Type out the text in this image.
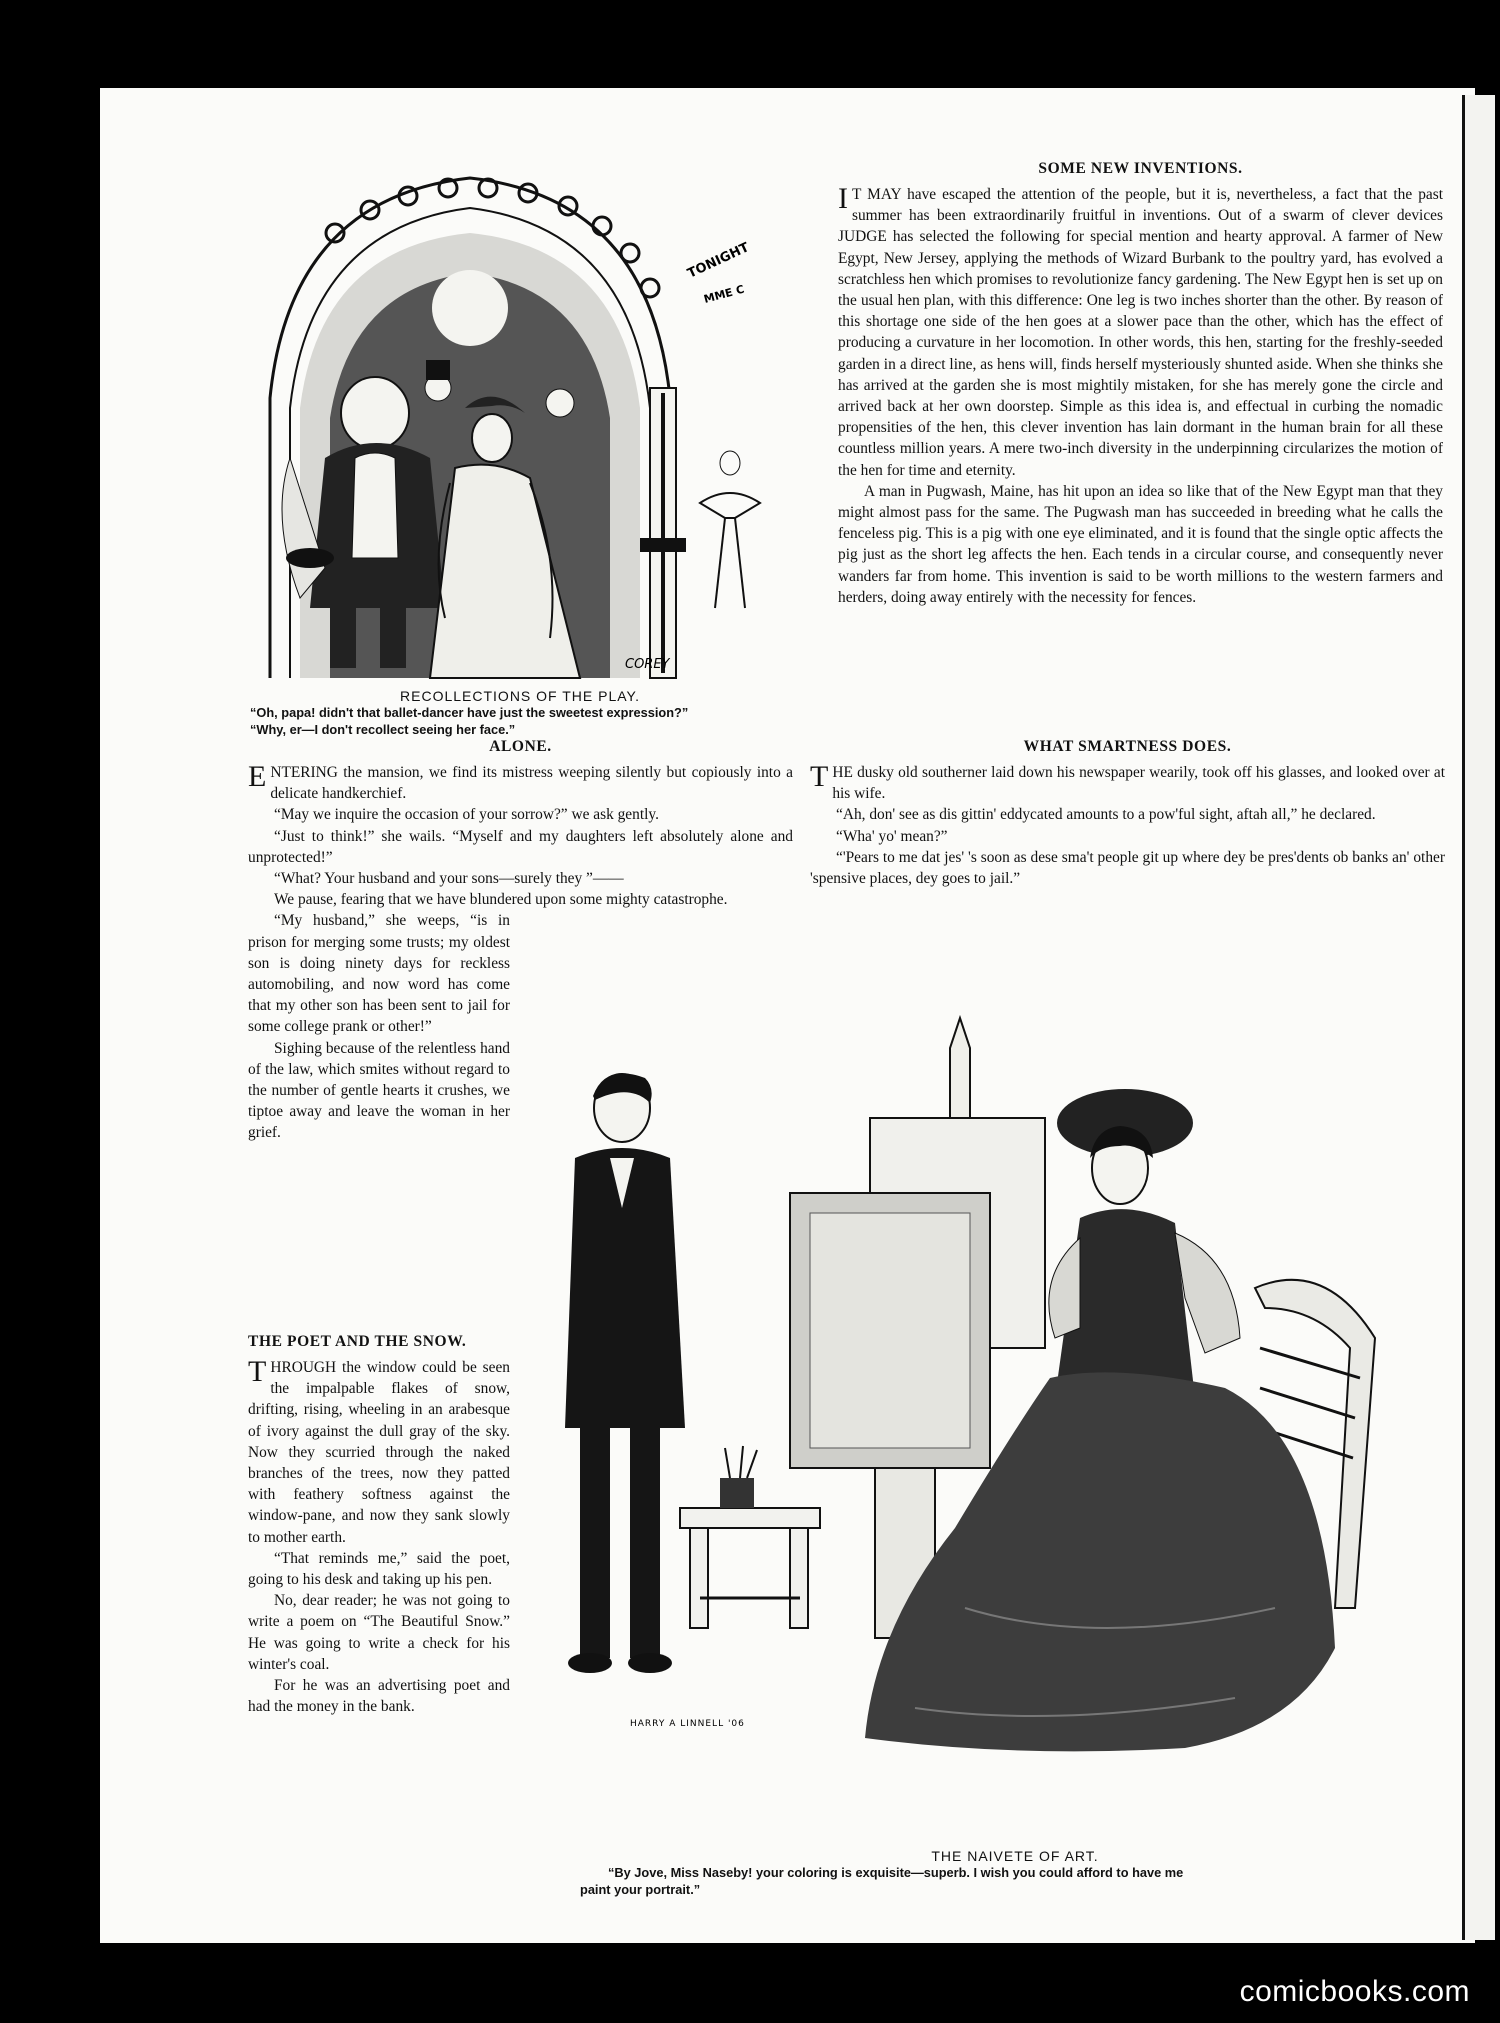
TONIGHT
MME C
COREY

RECOLLECTIONS OF THE PLAY.

“Oh, papa! didn't that ballet-dancer have just the sweetest expression?”

“Why, er—I don't recollect seeing her face.”

SOME NEW INVENTIONS.

IT MAY have escaped the attention of the people, but it is, nevertheless, a fact that the past summer has been extraordinarily fruitful in inventions. Out of a swarm of clever devices JUDGE has selected the following for special mention and hearty approval. A farmer of New Egypt, New Jersey, applying the methods of Wizard Burbank to the poultry yard, has evolved a scratchless hen which promises to revolutionize fancy gardening. The New Egypt hen is set up on the usual hen plan, with this difference: One leg is two inches shorter than the other. By reason of this shortage one side of the hen goes at a slower pace than the other, which has the effect of producing a curvature in her locomotion. In other words, this hen, starting for the freshly-seeded garden in a direct line, as hens will, finds herself mysteriously shunted aside. When she thinks she has arrived at the garden she is most mightily mistaken, for she has merely gone the circle and arrived back at her own doorstep. Simple as this idea is, and effectual in curbing the nomadic propensities of the hen, this clever invention has lain dormant in the human brain for all these countless million years. A mere two-inch diversity in the underpinning circularizes the motion of the hen for time and eternity.

A man in Pugwash, Maine, has hit upon an idea so like that of the New Egypt man that they might almost pass for the same. The Pugwash man has succeeded in breeding what he calls the fenceless pig. This is a pig with one eye eliminated, and it is found that the single optic affects the pig just as the short leg affects the hen. Each tends in a circular course, and consequently never wanders far from home. This invention is said to be worth millions to the western farmers and herders, doing away entirely with the necessity for fences.

ALONE.

ENTERING the mansion, we find its mistress weeping silently but copiously into a delicate handkerchief.

“May we inquire the occasion of your sorrow?” we ask gently.

“Just to think!” she wails. “Myself and my daughters left absolutely alone and unprotected!”

“What? Your husband and your sons—surely they ”——

We pause, fearing that we have blundered upon some mighty catastrophe.

“My husband,” she weeps, “is in prison for merging some trusts; my oldest son is doing ninety days for reckless automobiling, and now word has come that my other son has been sent to jail for some college prank or other!”

Sighing because of the relentless hand of the law, which smites without regard to the number of gentle hearts it crushes, we tiptoe away and leave the woman in her grief.

WHAT SMARTNESS DOES.

THE dusky old southerner laid down his newspaper wearily, took off his glasses, and looked over at his wife.

“Ah, don' see as dis gittin' eddycated amounts to a pow'ful sight, aftah all,” he declared.

“Wha' yo' mean?”

“'Pears to me dat jes' 's soon as dese sma't people git up where dey be pres'dents ob banks an' other 'spensive places, dey goes to jail.”

THE POET AND THE SNOW.

THROUGH the window could be seen the impalpable flakes of snow, drifting, rising, wheeling in an arabesque of ivory against the dull gray of the sky. Now they scurried through the naked branches of the trees, now they patted with feathery softness against the window-pane, and now they sank slowly to mother earth.

“That reminds me,” said the poet, going to his desk and taking up his pen.

No, dear reader; he was not going to write a poem on “The Beautiful Snow.” He was going to write a check for his winter's coal.

For he was an advertising poet and had the money in the bank.

HARRY A LINNELL '06

THE NAIVETE OF ART.

“By Jove, Miss Naseby! your coloring is exquisite—superb. I wish you could afford to have me

paint your portrait.”

comicbooks.com
